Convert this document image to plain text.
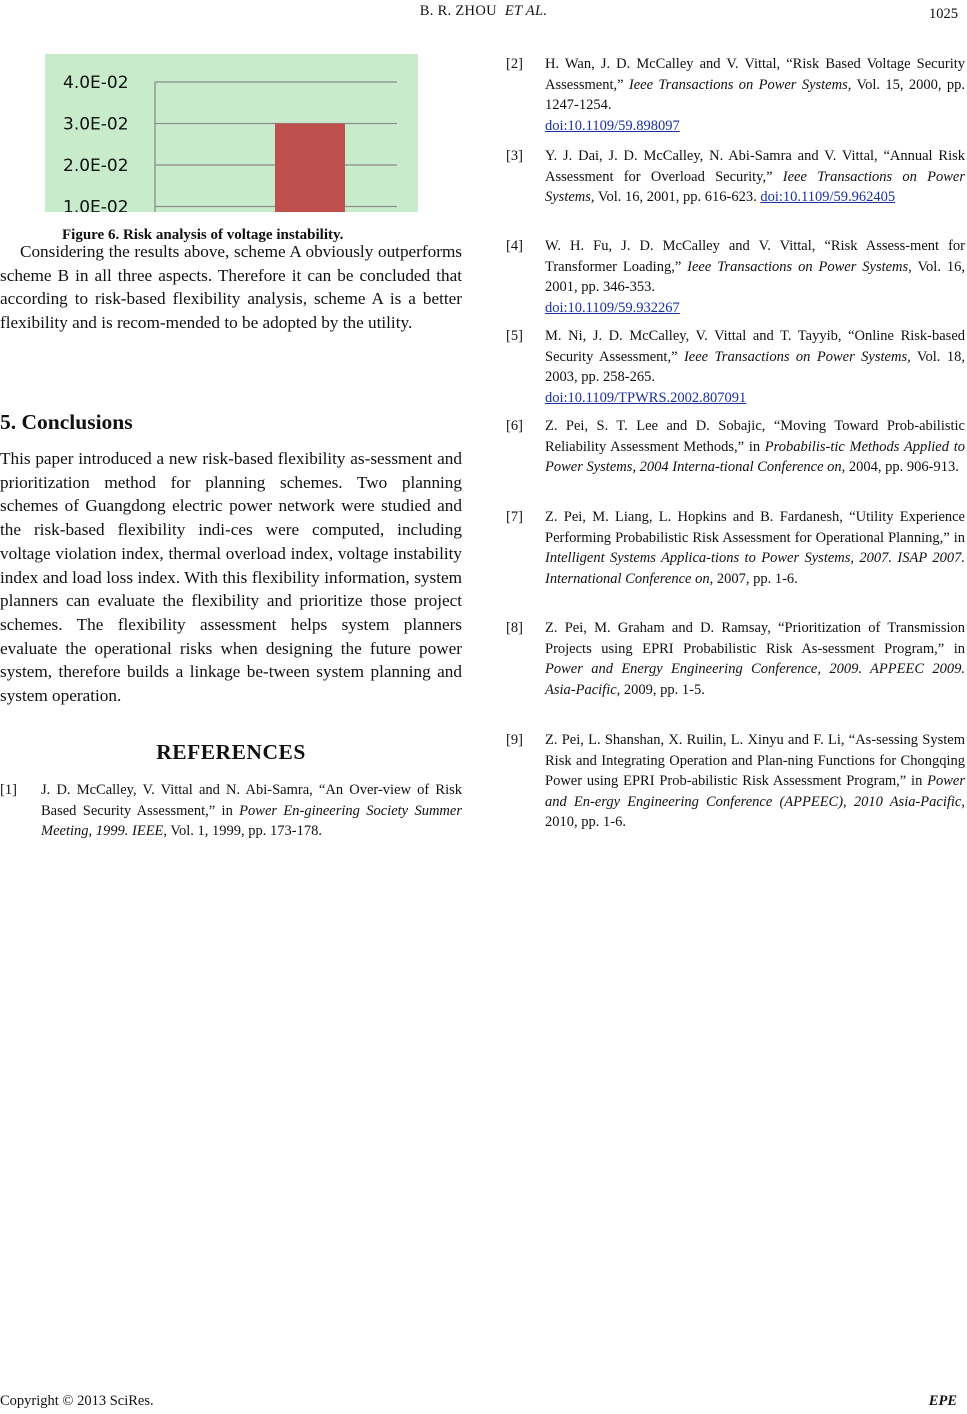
B. R. ZHOU ET AL.	1025
4.0E-02
3.0E-02
2.0E-02
1.0E-02
Figure 6. Risk analysis of voltage instability.

Considering the results above, scheme A obviously outperforms scheme B in all three aspects. Therefore it can be concluded that according to risk-based flexibility analysis, scheme A is a better flexibility and is recom-mended to be adopted by the utility.

5. Conclusions

This paper introduced a new risk-based flexibility as-sessment and prioritization method for planning schemes. Two planning schemes of Guangdong electric power network were studied and the risk-based flexibility indi-ces were computed, including voltage violation index, thermal overload index, voltage instability index and load loss index. With this flexibility information, system planners can evaluate the flexibility and prioritize those project schemes. The flexibility assessment helps system planners evaluate the operational risks when designing the future power system, therefore builds a linkage be-tween system planning and system operation.

REFERENCES
[1] J. D. McCalley, V. Vittal and N. Abi-Samra, “An Over-view of Risk Based Security Assessment,” in Power En-gineering Society Summer Meeting, 1999. IEEE, Vol. 1, 1999, pp. 173-178.
[2] H. Wan, J. D. McCalley and V. Vittal, “Risk Based Voltage Security Assessment,” Ieee Transactions on Power Systems, Vol. 15, 2000, pp. 1247-1254.
doi:10.1109/59.898097
[3] Y. J. Dai, J. D. McCalley, N. Abi-Samra and V. Vittal, “Annual Risk Assessment for Overload Security,” Ieee Transactions on Power Systems, Vol. 16, 2001, pp. 616-623. doi:10.1109/59.962405
[4] W. H. Fu, J. D. McCalley and V. Vittal, “Risk Assess-ment for Transformer Loading,” Ieee Transactions on Power Systems, Vol. 16, 2001, pp. 346-353.
doi:10.1109/59.932267
[5] M. Ni, J. D. McCalley, V. Vittal and T. Tayyib, “Online Risk-based Security Assessment,” Ieee Transactions on Power Systems, Vol. 18, 2003, pp. 258-265.
doi:10.1109/TPWRS.2002.807091
[6] Z. Pei, S. T. Lee and D. Sobajic, “Moving Toward Prob-abilistic Reliability Assessment Methods,” in Probabilis-tic Methods Applied to Power Systems, 2004 Interna-tional Conference on, 2004, pp. 906-913.
[7] Z. Pei, M. Liang, L. Hopkins and B. Fardanesh, “Utility Experience Performing Probabilistic Risk Assessment for Operational Planning,” in Intelligent Systems Applica-tions to Power Systems, 2007. ISAP 2007. International Conference on, 2007, pp. 1-6.
[8] Z. Pei, M. Graham and D. Ramsay, “Prioritization of Transmission Projects using EPRI Probabilistic Risk As-sessment Program,” in Power and Energy Engineering Conference, 2009. APPEEC 2009. Asia-Pacific, 2009, pp. 1-5.
[9] Z. Pei, L. Shanshan, X. Ruilin, L. Xinyu and F. Li, “As-sessing System Risk and Integrating Operation and Plan-ning Functions for Chongqing Power using EPRI Prob-abilistic Risk Assessment Program,” in Power and En-ergy Engineering Conference (APPEEC), 2010 Asia-Pacific, 2010, pp. 1-6.
Copyright © 2013 SciRes.	EPE
